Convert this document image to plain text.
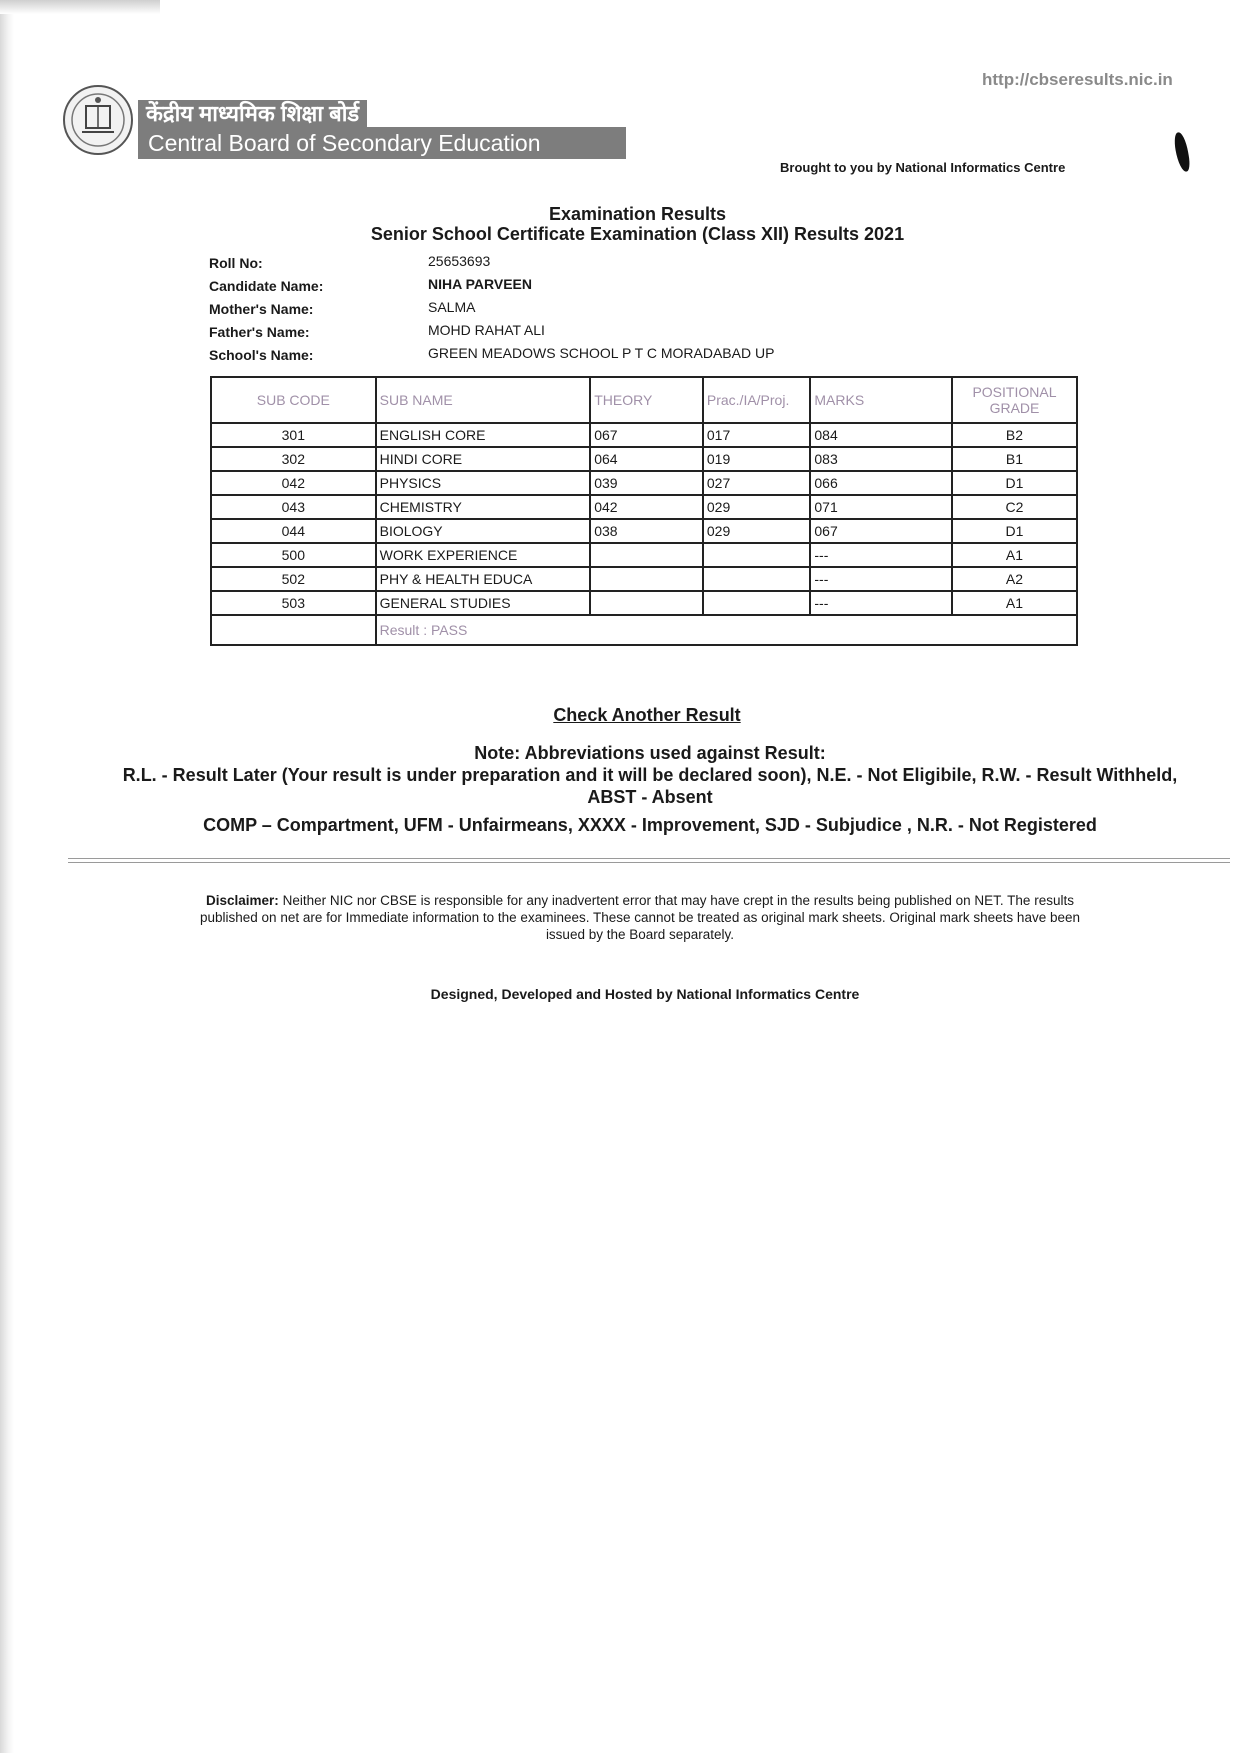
http://cbseresults.nic.in
केंद्रीय माध्यमिक शिक्षा बोर्ड
Central Board of Secondary Education
Brought to you by National Informatics Centre
Examination Results
Senior School Certificate Examination (Class XII) Results 2021
Roll No:	25653693
Candidate Name:	NIHA PARVEEN
Mother's Name:	SALMA
Father's Name:	MOHD RAHAT ALI
School's Name:	GREEN MEADOWS SCHOOL P T C MORADABAD UP
SUB CODE	SUB NAME	THEORY	Prac./IA/Proj.	MARKS	POSITIONAL GRADE
301	ENGLISH CORE	067	017	084	B2
302	HINDI CORE	064	019	083	B1
042	PHYSICS	039	027	066	D1
043	CHEMISTRY	042	029	071	C2
044	BIOLOGY	038	029	067	D1
500	WORK EXPERIENCE			---	A1
502	PHY & HEALTH EDUCA			---	A2
503	GENERAL STUDIES			---	A1
	Result : PASS				
Check Another Result
Note: Abbreviations used against Result:
R.L. - Result Later (Your result is under preparation and it will be declared soon), N.E. - Not Eligibile, R.W. - Result Withheld,
ABST - Absent
COMP – Compartment, UFM - Unfairmeans, XXXX - Improvement, SJD - Subjudice , N.R. - Not Registered
Disclaimer: Neither NIC nor CBSE is responsible for any inadvertent error that may have crept in the results being published on NET. The results published on net are for Immediate information to the examinees. These cannot be treated as original mark sheets. Original mark sheets have been issued by the Board separately.
Designed, Developed and Hosted by National Informatics Centre
